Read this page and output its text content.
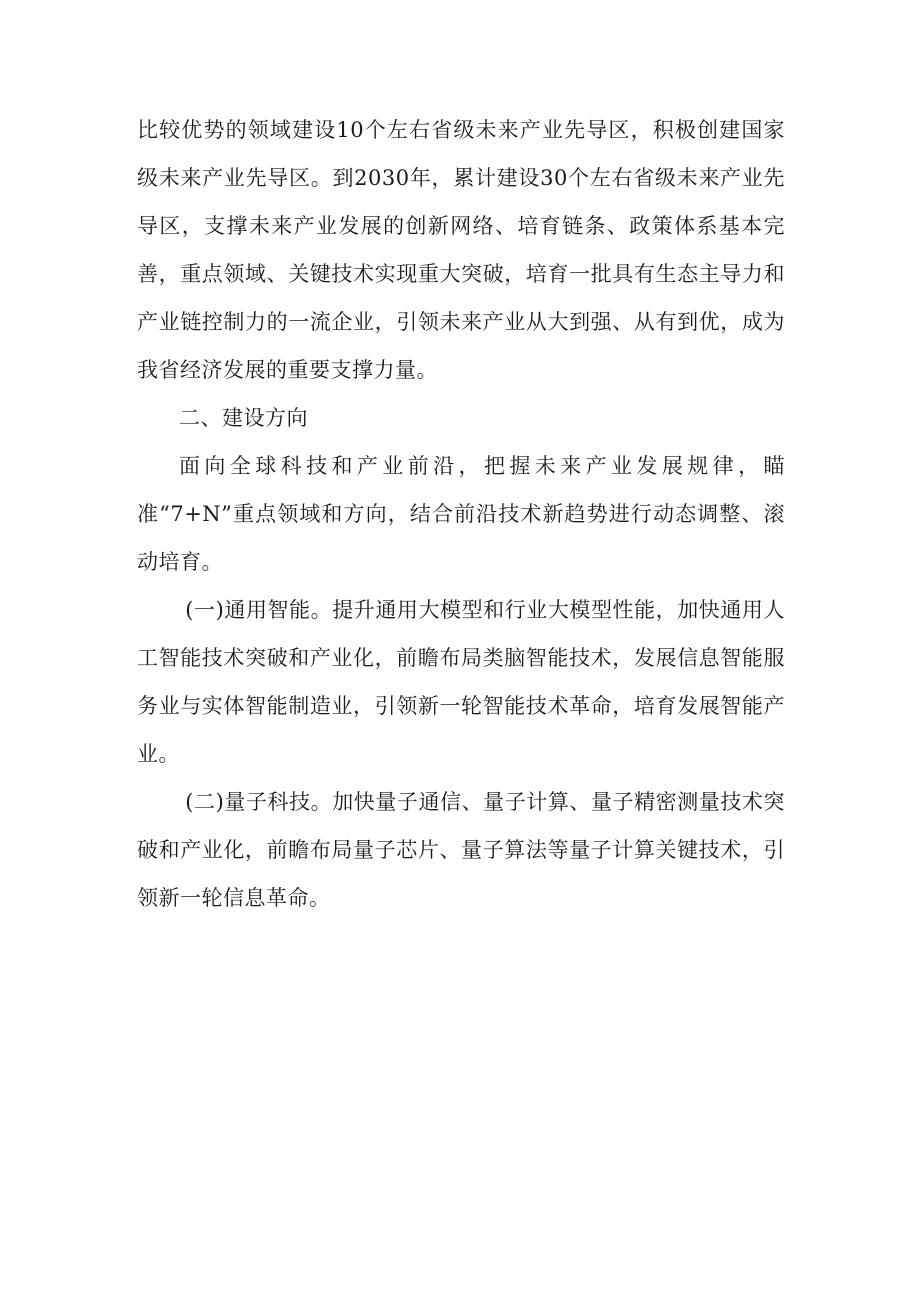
比较优势的领域建设10个左右省级未来产业先导区，积极创建国家级未来产业先导区。到2030年，累计建设30个左右省级未来产业先导区，支撑未来产业发展的创新网络、培育链条、政策体系基本完善，重点领域、关键技术实现重大突破，培育一批具有生态主导力和产业链控制力的一流企业，引领未来产业从大到强、从有到优，成为我省经济发展的重要支撑力量。

二、建设方向

面向全球科技和产业前沿，把握未来产业发展规律，瞄准“7+N”重点领域和方向，结合前沿技术新趋势进行动态调整、滚动培育。

(一)通用智能。提升通用大模型和行业大模型性能，加快通用人工智能技术突破和产业化，前瞻布局类脑智能技术，发展信息智能服务业与实体智能制造业，引领新一轮智能技术革命，培育发展智能产业。

(二)量子科技。加快量子通信、量子计算、量子精密测量技术突破和产业化，前瞻布局量子芯片、量子算法等量子计算关键技术，引领新一轮信息革命。
